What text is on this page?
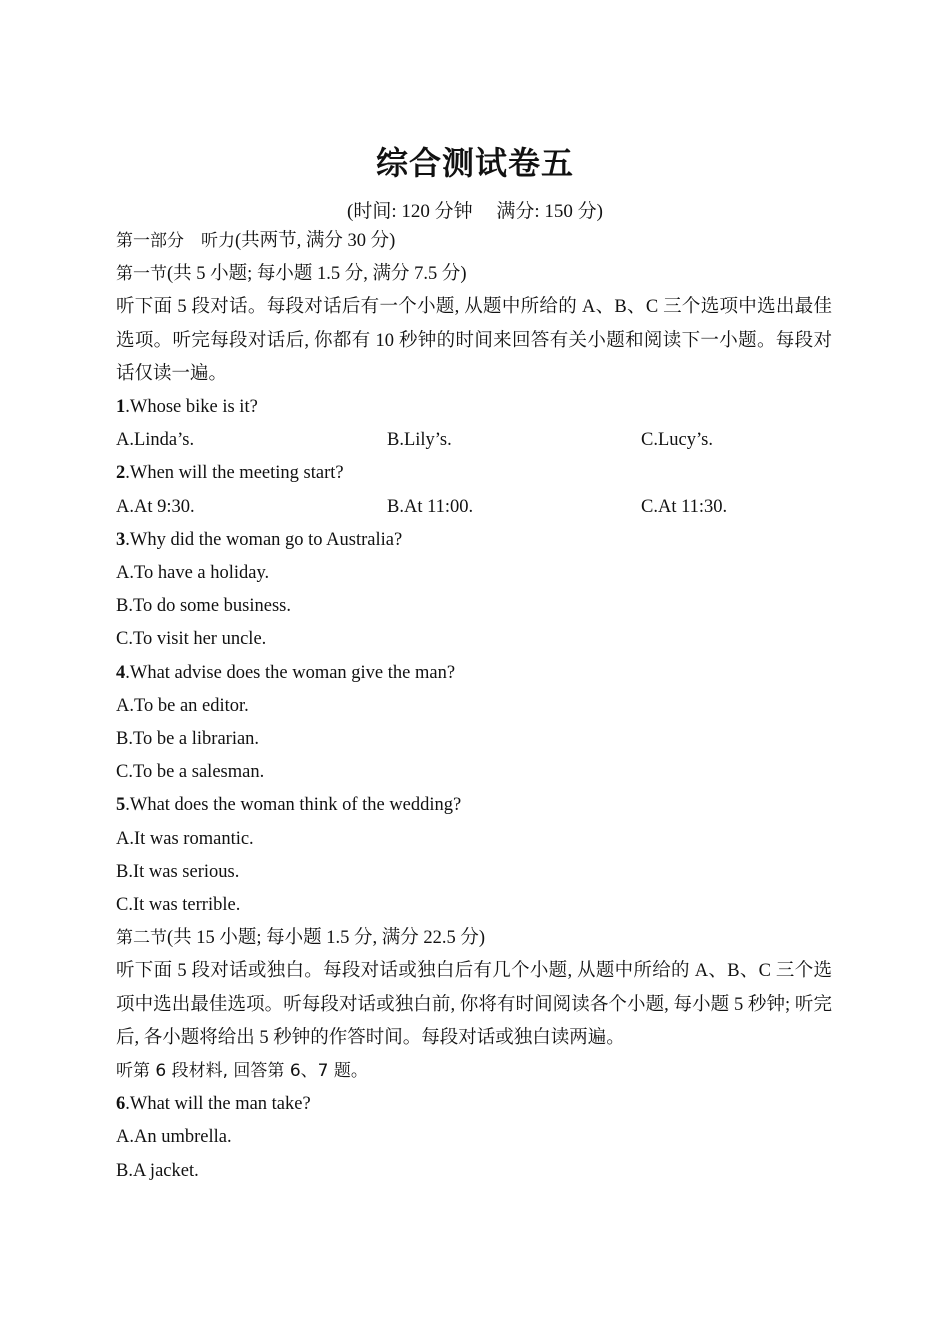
综合测试卷五
(时间: 120 分钟　 满分: 150 分)
第一部分　听力(共两节, 满分 30 分)
第一节(共 5 小题; 每小题 1.5 分, 满分 7.5 分)
听下面 5 段对话。每段对话后有一个小题, 从题中所给的 A、B、C 三个选项中选出最佳选项。听完每段对话后, 你都有 10 秒钟的时间来回答有关小题和阅读下一小题。每段对话仅读一遍。
1.Whose bike is it?
A.Linda’s.	B.Lily’s.	C.Lucy’s.
2.When will the meeting start?
A.At 9:30.	B.At 11:00.	C.At 11:30.
3.Why did the woman go to Australia?
A.To have a holiday.
B.To do some business.
C.To visit her uncle.
4.What advise does the woman give the man?
A.To be an editor.
B.To be a librarian.
C.To be a salesman.
5.What does the woman think of the wedding?
A.It was romantic.
B.It was serious.
C.It was terrible.
第二节(共 15 小题; 每小题 1.5 分, 满分 22.5 分)
听下面 5 段对话或独白。每段对话或独白后有几个小题, 从题中所给的 A、B、C 三个选项中选出最佳选项。听每段对话或独白前, 你将有时间阅读各个小题, 每小题 5 秒钟; 听完后, 各小题将给出 5 秒钟的作答时间。每段对话或独白读两遍。
听第 6 段材料, 回答第 6、7 题。
6.What will the man take?
A.An umbrella.
B.A jacket.
